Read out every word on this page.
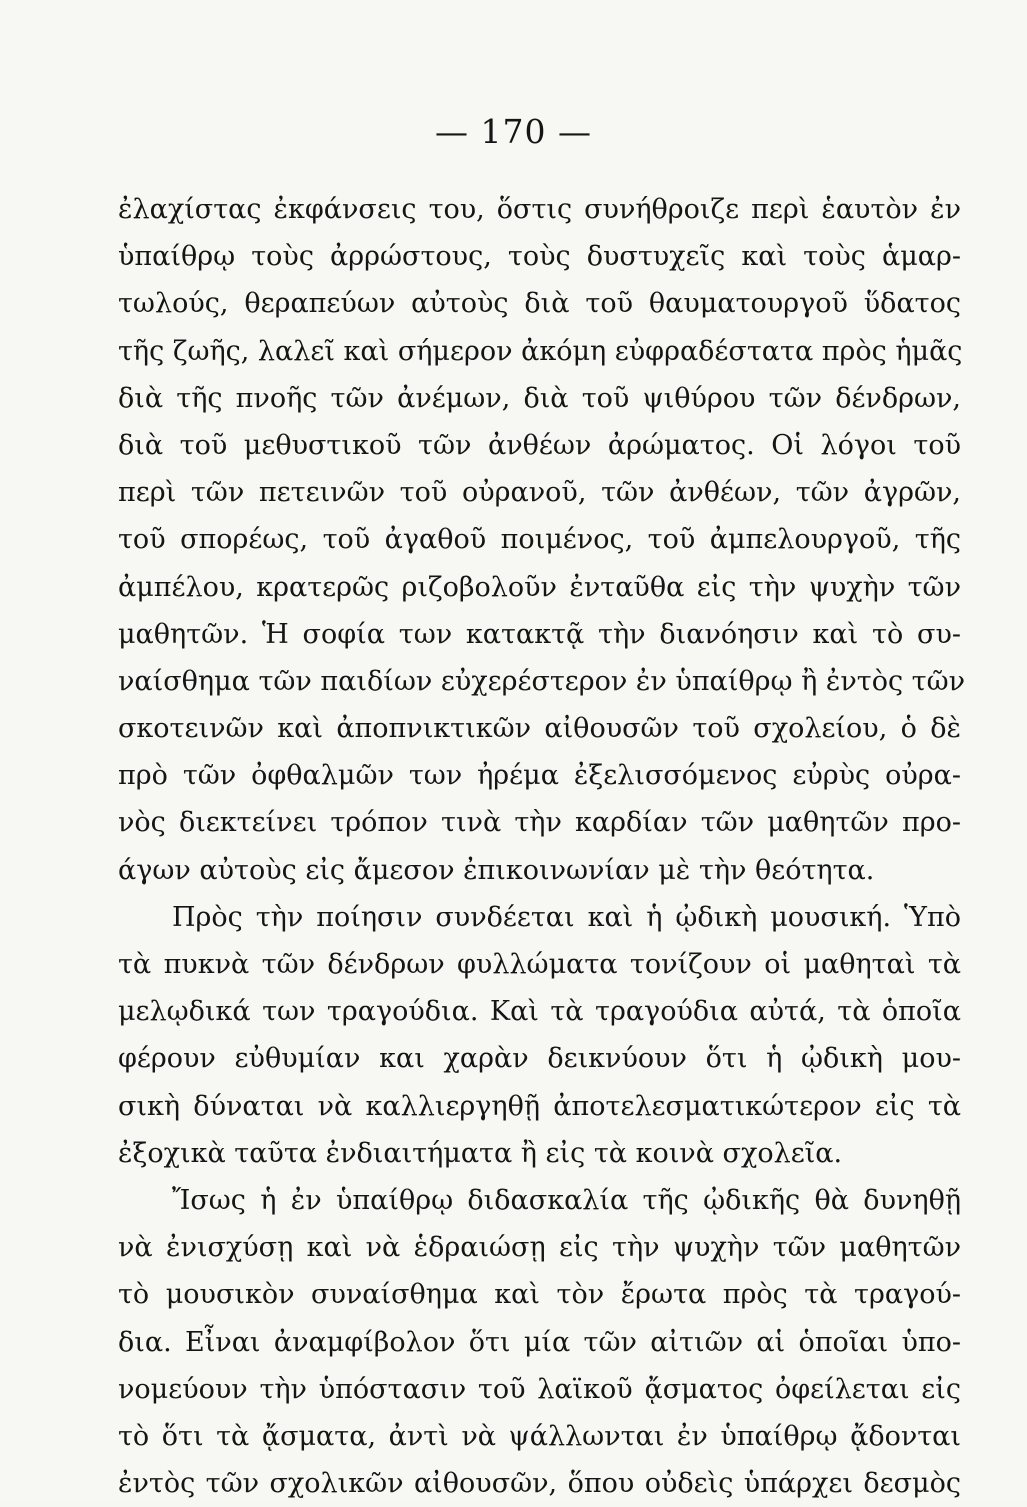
— 170 —
ἐλαχίστας ἐκφάνσεις του, ὅστις συνήθροιζε περὶ ἑαυτὸν ἐν
ὑπαίθρῳ τοὺς ἀρρώστους, τοὺς δυστυχεῖς καὶ τοὺς ἁμαρ-
τωλούς, θεραπεύων αὐτοὺς διὰ τοῦ θαυματουργοῦ ὕδατος
τῆς ζωῆς, λαλεῖ καὶ σήμερον ἀκόμη εὐφραδέστατα πρὸς ἡμᾶς
διὰ τῆς πνοῆς τῶν ἀνέμων, διὰ τοῦ ψιθύρου τῶν δένδρων,
διὰ τοῦ μεθυστικοῦ τῶν ἀνθέων ἀρώματος. Οἱ λόγοι τοῦ
περὶ τῶν πετεινῶν τοῦ οὐρανοῦ, τῶν ἀνθέων, τῶν ἀγρῶν,
τοῦ σπορέως, τοῦ ἀγαθοῦ ποιμένος, τοῦ ἀμπελουργοῦ, τῆς
ἀμπέλου, κρατερῶς ριζοβολοῦν ἐνταῦθα εἰς τὴν ψυχὴν τῶν
μαθητῶν. Ἡ σοφία των κατακτᾷ τὴν διανόησιν καὶ τὸ συ-
ναίσθημα τῶν παιδίων εὐχερέστερον ἐν ὑπαίθρῳ ἢ ἐντὸς τῶν
σκοτεινῶν καὶ ἀποπνικτικῶν αἰθουσῶν τοῦ σχολείου, ὁ δὲ
πρὸ τῶν ὀφθαλμῶν των ἠρέμα ἐξελισσόμενος εὐρὺς οὐρα-
νὸς διεκτείνει τρόπον τινὰ τὴν καρδίαν τῶν μαθητῶν προ-
άγων αὐτοὺς εἰς ἄμεσον ἐπικοινωνίαν μὲ τὴν θεότητα.
Πρὸς τὴν ποίησιν συνδέεται καὶ ἡ ᾠδικὴ μουσική. Ὑπὸ
τὰ πυκνὰ τῶν δένδρων φυλλώματα τονίζουν οἱ μαθηταὶ τὰ
μελῳδικά των τραγούδια. Καὶ τὰ τραγούδια αὐτά, τὰ ὁποῖα
φέρουν εὐθυμίαν και χαρὰν δεικνύουν ὅτι ἡ ᾠδικὴ μου-
σικὴ δύναται νὰ καλλιεργηθῇ ἀποτελεσματικώτερον εἰς τὰ
ἐξοχικὰ ταῦτα ἐνδιαιτήματα ἢ εἰς τὰ κοινὰ σχολεῖα.
Ἴσως ἡ ἐν ὑπαίθρῳ διδασκαλία τῆς ᾠδικῆς θὰ δυνηθῇ
νὰ ἐνισχύσῃ καὶ νὰ ἑδραιώσῃ εἰς τὴν ψυχὴν τῶν μαθητῶν
τὸ μουσικὸν συναίσθημα καὶ τὸν ἔρωτα πρὸς τὰ τραγού-
δια. Εἶναι ἀναμφίβολον ὅτι μία τῶν αἰτιῶν αἱ ὁποῖαι ὑπο-
νομεύουν τὴν ὑπόστασιν τοῦ λαϊκοῦ ᾄσματος ὀφείλεται εἰς
τὸ ὅτι τὰ ᾄσματα, ἀντὶ νὰ ψάλλωνται ἐν ὑπαίθρῳ ᾄδονται
ἐντὸς τῶν σχολικῶν αἰθουσῶν, ὅπου οὐδεὶς ὑπάρχει δεσμὸς
